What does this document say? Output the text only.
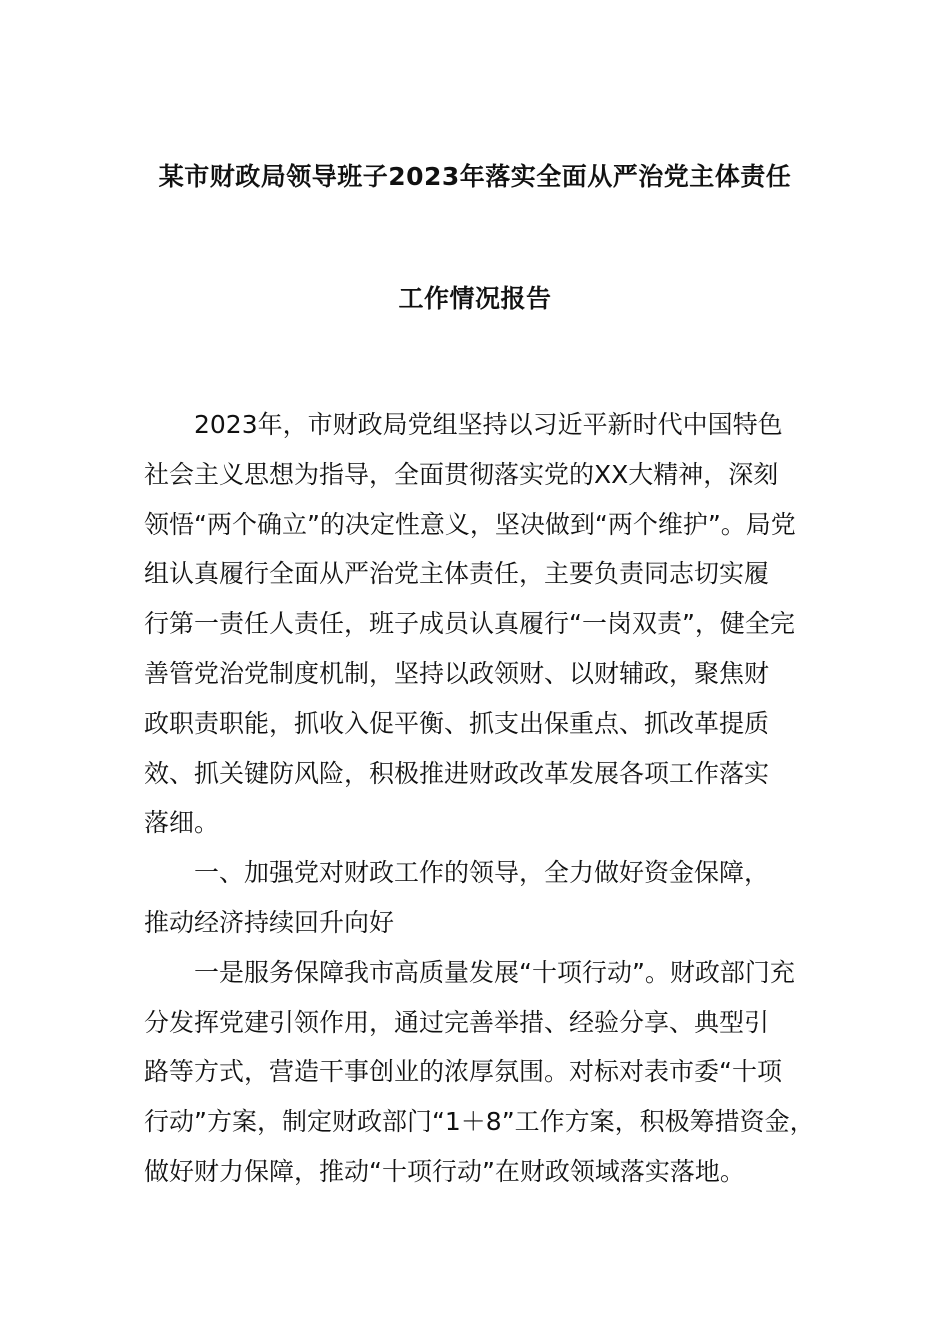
某市财政局领导班子2023年落实全面从严治党主体责任
工作情况报告
2023年，市财政局党组坚持以习近平新时代中国特色
社会主义思想为指导，全面贯彻落实党的XX大精神，深刻
领悟“两个确立”的决定性意义，坚决做到“两个维护”。局党
组认真履行全面从严治党主体责任，主要负责同志切实履
行第一责任人责任，班子成员认真履行“一岗双责”，健全完
善管党治党制度机制，坚持以政领财、以财辅政，聚焦财
政职责职能，抓收入促平衡、抓支出保重点、抓改革提质
效、抓关键防风险，积极推进财政改革发展各项工作落实
落细。
一、加强党对财政工作的领导，全力做好资金保障，
推动经济持续回升向好
一是服务保障我市高质量发展“十项行动”。财政部门充
分发挥党建引领作用，通过完善举措、经验分享、典型引
路等方式，营造干事创业的浓厚氛围。对标对表市委“十项
行动”方案，制定财政部门“1＋8”工作方案，积极筹措资金，
做好财力保障，推动“十项行动”在财政领域落实落地。
